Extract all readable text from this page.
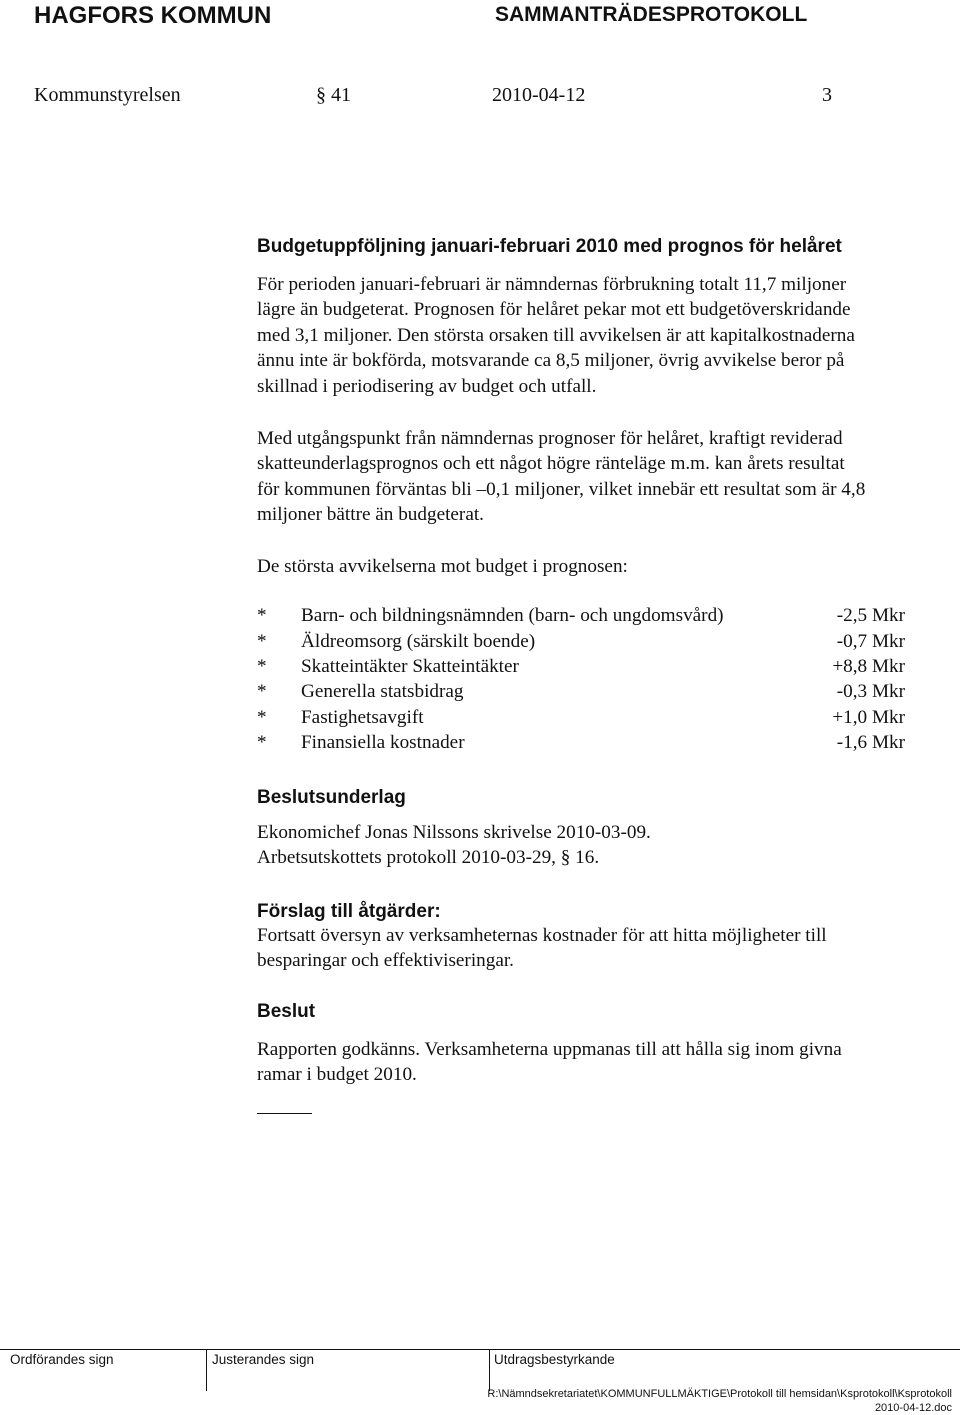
HAGFORS KOMMUN	SAMMANTRÄDESPROTOKOLL
Kommunstyrelsen	§ 41	2010-04-12	3
Budgetuppföljning januari-februari 2010 med prognos för helåret

För perioden januari-februari är nämndernas förbrukning totalt 11,7 miljoner

lägre än budgeterat. Prognosen för helåret pekar mot ett budgetöverskridande

med 3,1 miljoner. Den största orsaken till avvikelsen är att kapitalkostnaderna

ännu inte är bokförda, motsvarande ca 8,5 miljoner, övrig avvikelse beror på

skillnad i periodisering av budget och utfall.

Med utgångspunkt från nämndernas prognoser för helåret, kraftigt reviderad

skatteunderlagsprognos och ett något högre ränteläge m.m. kan årets resultat

för kommunen förväntas bli –0,1 miljoner, vilket innebär ett resultat som är 4,8

miljoner bättre än budgeterat.

De största avvikelserna mot budget i prognosen:
* Barn- och bildningsnämnden (barn- och ungdomsvård)	-2,5 Mkr
* Äldreomsorg (särskilt boende)	-0,7 Mkr
* Skatteintäkter Skatteintäkter	+8,8 Mkr
* Generella statsbidrag	-0,3 Mkr
* Fastighetsavgift	+1,0 Mkr
* Finansiella kostnader	-1,6 Mkr
Beslutsunderlag

Ekonomichef Jonas Nilssons skrivelse 2010-03-09.

Arbetsutskottets protokoll 2010-03-29, § 16.

Förslag till åtgärder:

Fortsatt översyn av verksamheternas kostnader för att hitta möjligheter till

besparingar och effektiviseringar.

Beslut

Rapporten godkänns. Verksamheterna uppmanas till att hålla sig inom givna

ramar i budget 2010.

Ordförandes sign	Justerandes sign	Utdragsbestyrkande
R:\Nämndsekretariatet\KOMMUNFULLMÄKTIGE\Protokoll till hemsidan\Ksprotokoll\Ksprotokoll
2010-04-12.doc
